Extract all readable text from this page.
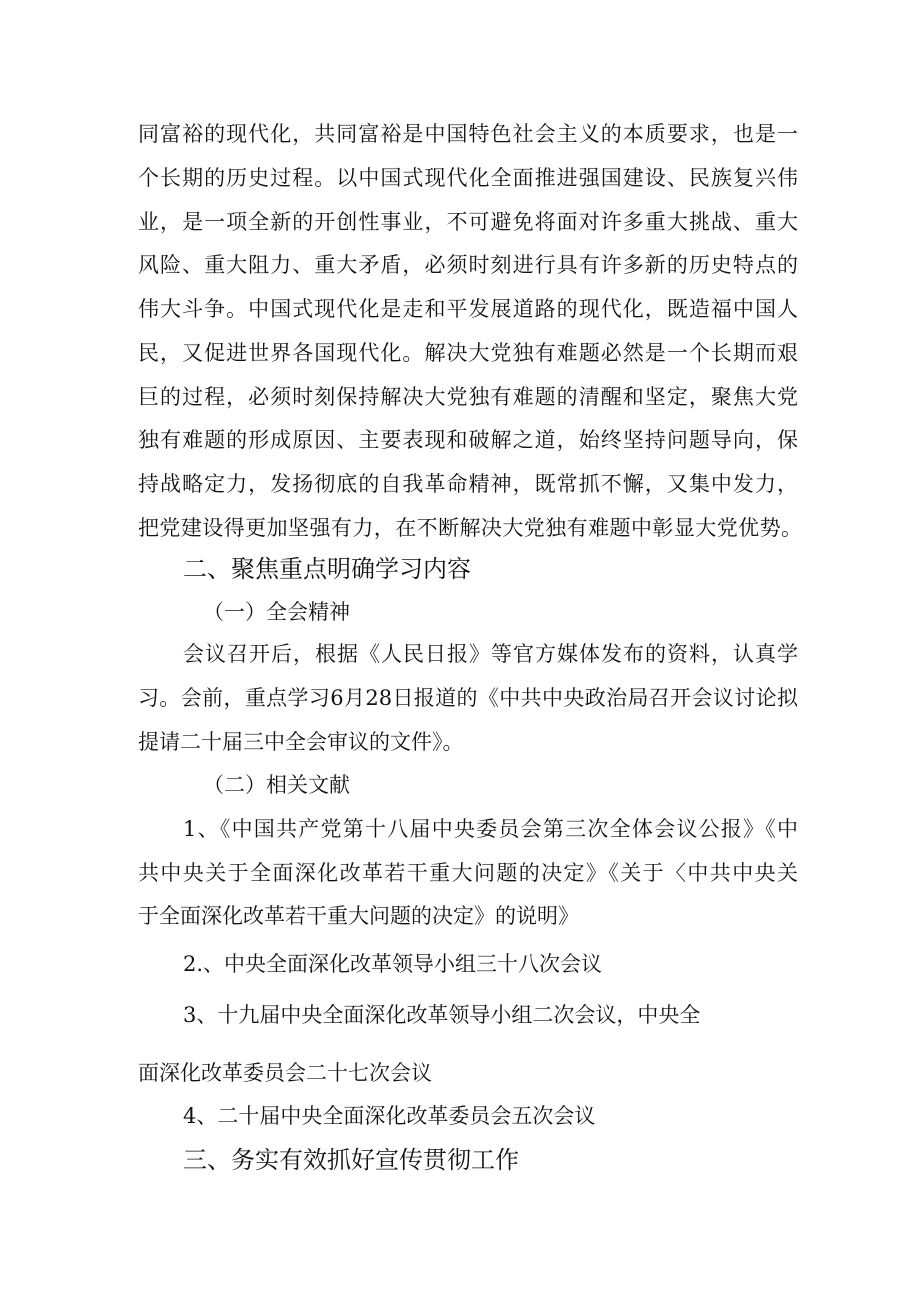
同富裕的现代化，共同富裕是中国特色社会主义的本质要求，也是一
个长期的历史过程。以中国式现代化全面推进强国建设、民族复兴伟
业，是一项全新的开创性事业，不可避免将面对许多重大挑战、重大
风险、重大阻力、重大矛盾，必须时刻进行具有许多新的历史特点的
伟大斗争。中国式现代化是走和平发展道路的现代化，既造福中国人
民，又促进世界各国现代化。解决大党独有难题必然是一个长期而艰
巨的过程，必须时刻保持解决大党独有难题的清醒和坚定，聚焦大党
独有难题的形成原因、主要表现和破解之道，始终坚持问题导向，保
持战略定力，发扬彻底的自我革命精神，既常抓不懈，又集中发力，
把党建设得更加坚强有力，在不断解决大党独有难题中彰显大党优势。
二、聚焦重点明确学习内容
（一）全会精神
会议召开后，根据《人民日报》等官方媒体发布的资料，认真学
习。会前，重点学习6月28日报道的《中共中央政治局召开会议讨论拟
提请二十届三中全会审议的文件》。
（二）相关文献
1、《中国共产党第十八届中央委员会第三次全体会议公报》《中
共中央关于全面深化改革若干重大问题的决定》《关于〈中共中央关
于全面深化改革若干重大问题的决定》的说明》
2.、中央全面深化改革领导小组三十八次会议
3、十九届中央全面深化改革领导小组二次会议，中央全
面深化改革委员会二十七次会议
4、二十届中央全面深化改革委员会五次会议
三、务实有效抓好宣传贯彻工作
